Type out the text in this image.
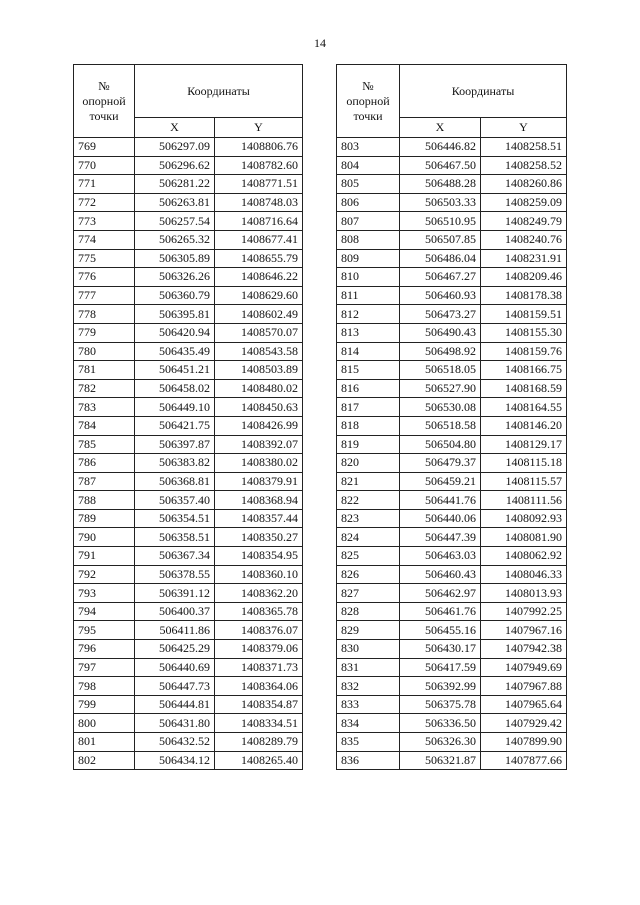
14
№
опорной
точки	Координаты	
	X	Y
769	506297.09	1408806.76
770	506296.62	1408782.60
771	506281.22	1408771.51
772	506263.81	1408748.03
773	506257.54	1408716.64
774	506265.32	1408677.41
775	506305.89	1408655.79
776	506326.26	1408646.22
777	506360.79	1408629.60
778	506395.81	1408602.49
779	506420.94	1408570.07
780	506435.49	1408543.58
781	506451.21	1408503.89
782	506458.02	1408480.02
783	506449.10	1408450.63
784	506421.75	1408426.99
785	506397.87	1408392.07
786	506383.82	1408380.02
787	506368.81	1408379.91
788	506357.40	1408368.94
789	506354.51	1408357.44
790	506358.51	1408350.27
791	506367.34	1408354.95
792	506378.55	1408360.10
793	506391.12	1408362.20
794	506400.37	1408365.78
795	506411.86	1408376.07
796	506425.29	1408379.06
797	506440.69	1408371.73
798	506447.73	1408364.06
799	506444.81	1408354.87
800	506431.80	1408334.51
801	506432.52	1408289.79
802	506434.12	1408265.40
№
опорной
точки	Координаты	
	X	Y
803	506446.82	1408258.51
804	506467.50	1408258.52
805	506488.28	1408260.86
806	506503.33	1408259.09
807	506510.95	1408249.79
808	506507.85	1408240.76
809	506486.04	1408231.91
810	506467.27	1408209.46
811	506460.93	1408178.38
812	506473.27	1408159.51
813	506490.43	1408155.30
814	506498.92	1408159.76
815	506518.05	1408166.75
816	506527.90	1408168.59
817	506530.08	1408164.55
818	506518.58	1408146.20
819	506504.80	1408129.17
820	506479.37	1408115.18
821	506459.21	1408115.57
822	506441.76	1408111.56
823	506440.06	1408092.93
824	506447.39	1408081.90
825	506463.03	1408062.92
826	506460.43	1408046.33
827	506462.97	1408013.93
828	506461.76	1407992.25
829	506455.16	1407967.16
830	506430.17	1407942.38
831	506417.59	1407949.69
832	506392.99	1407967.88
833	506375.78	1407965.64
834	506336.50	1407929.42
835	506326.30	1407899.90
836	506321.87	1407877.66
